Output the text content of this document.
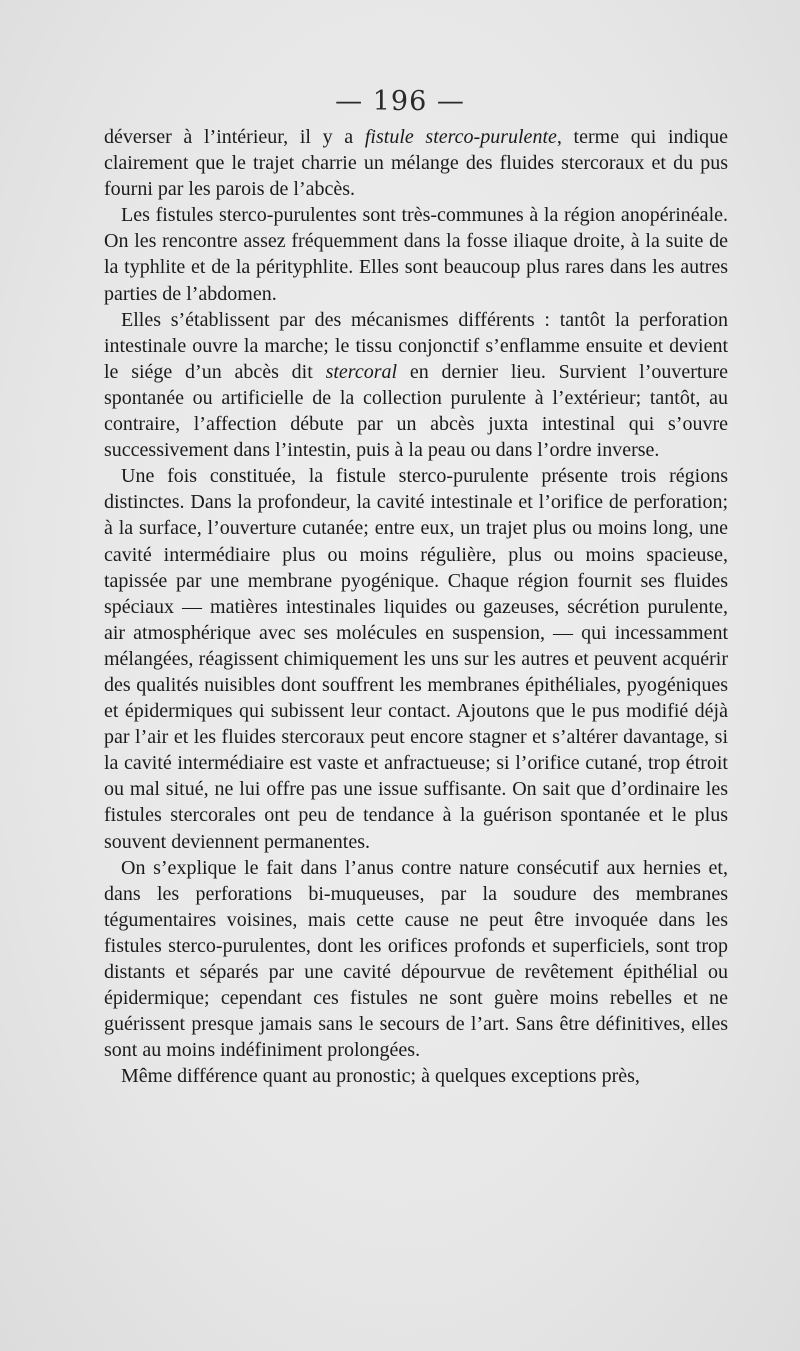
— 196 —

déverser à l’intérieur, il y a fistule sterco-purulente, terme qui indique clairement que le trajet charrie un mélange des fluides stercoraux et du pus fourni par les parois de l’abcès.

Les fistules sterco-purulentes sont très-communes à la région anopérinéale. On les rencontre assez fréquemment dans la fosse iliaque droite, à la suite de la typhlite et de la pérityphlite. Elles sont beaucoup plus rares dans les autres parties de l’abdomen.

Elles s’établissent par des mécanismes différents : tantôt la perforation intestinale ouvre la marche; le tissu conjonctif s’enflamme ensuite et devient le siége d’un abcès dit stercoral en dernier lieu. Survient l’ouverture spontanée ou artificielle de la collection purulente à l’extérieur; tantôt, au contraire, l’affection débute par un abcès juxta intestinal qui s’ouvre successivement dans l’intestin, puis à la peau ou dans l’ordre inverse.

Une fois constituée, la fistule sterco-purulente présente trois régions distinctes. Dans la profondeur, la cavité intestinale et l’orifice de perforation; à la surface, l’ouverture cutanée; entre eux, un trajet plus ou moins long, une cavité intermédiaire plus ou moins régulière, plus ou moins spacieuse, tapissée par une membrane pyogénique. Chaque région fournit ses fluides spéciaux — matières intestinales liquides ou gazeuses, sécrétion purulente, air atmosphérique avec ses molécules en suspension, — qui incessamment mélangées, réagissent chimiquement les uns sur les autres et peuvent acquérir des qualités nuisibles dont souffrent les membranes épithéliales, pyogéniques et épidermiques qui subissent leur contact. Ajoutons que le pus modifié déjà par l’air et les fluides stercoraux peut encore stagner et s’altérer davantage, si la cavité intermédiaire est vaste et anfractueuse; si l’orifice cutané, trop étroit ou mal situé, ne lui offre pas une issue suffisante. On sait que d’ordinaire les fistules stercorales ont peu de tendance à la guérison spontanée et le plus souvent deviennent permanentes.

On s’explique le fait dans l’anus contre nature consécutif aux hernies et, dans les perforations bi-muqueuses, par la soudure des membranes tégumentaires voisines, mais cette cause ne peut être invoquée dans les fistules sterco-purulentes, dont les orifices profonds et superficiels, sont trop distants et séparés par une cavité dépourvue de revêtement épithélial ou épidermique; cependant ces fistules ne sont guère moins rebelles et ne guérissent presque jamais sans le secours de l’art. Sans être définitives, elles sont au moins indéfiniment prolongées.

Même différence quant au pronostic; à quelques exceptions près,
